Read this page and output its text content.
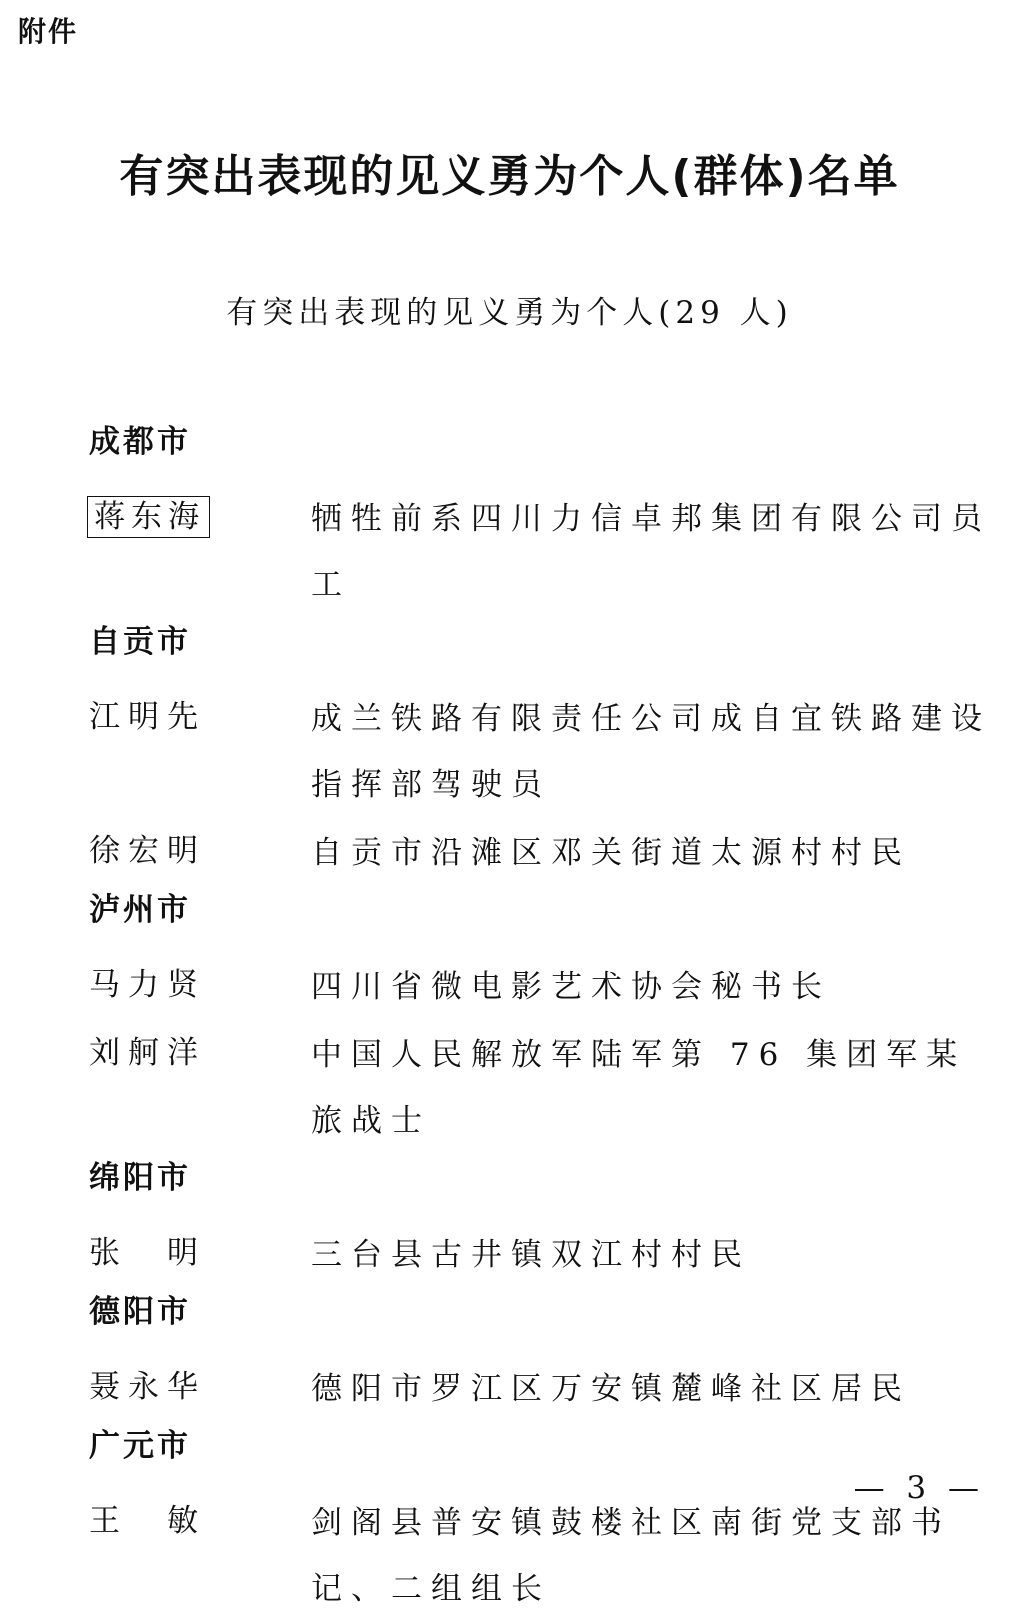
附件
有突出表现的见义勇为个人(群体)名单
有突出表现的见义勇为个人(29 人)
成都市
蒋东海	牺牲前系四川力信卓邦集团有限公司员工
自贡市
江明先	成兰铁路有限责任公司成自宜铁路建设指挥部驾驶员
徐宏明	自贡市沿滩区邓关街道太源村村民
泸州市
马力贤	四川省微电影艺术协会秘书长
刘舸洋	中国人民解放军陆军第 76 集团军某旅战士
绵阳市
张　明	三台县古井镇双江村村民
德阳市
聂永华	德阳市罗江区万安镇麓峰社区居民
广元市
王　敏	剑阁县普安镇鼓楼社区南街党支部书记、二组组长
— 3 —
